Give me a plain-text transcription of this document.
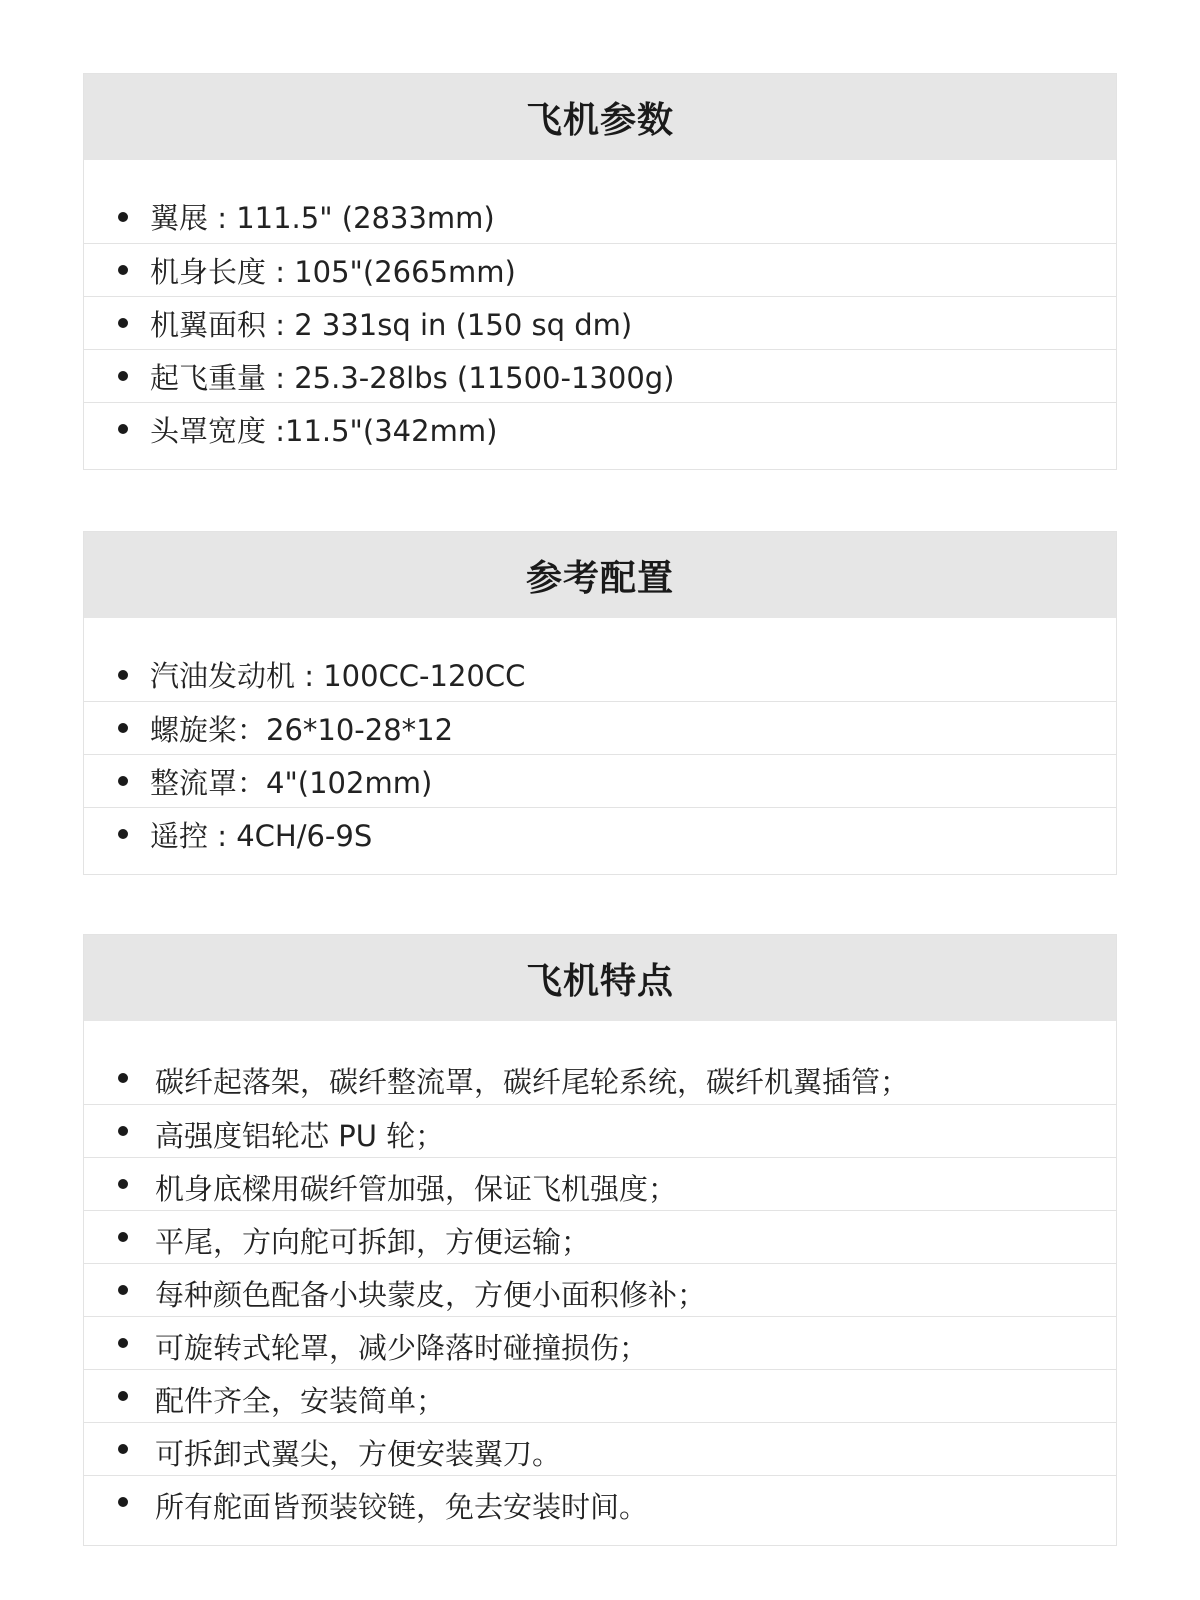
飞机参数
翼展 : 111.5" (2833mm)
机身长度 : 105"(2665mm)
机翼面积 : 2 331sq in (150 sq dm)
起飞重量 : 25.3-28lbs (11500-1300g)
头罩宽度 :11.5"(342mm)
参考配置
汽油发动机 : 100CC-120CC
螺旋桨：26*10-28*12
整流罩：4"(102mm)
遥控 : 4CH/6-9S
飞机特点
碳纤起落架，碳纤整流罩，碳纤尾轮系统，碳纤机翼插管；
高强度铝轮芯 PU 轮；
机身底樑用碳纤管加强，保证飞机强度；
平尾，方向舵可拆卸，方便运输；
每种颜色配备小块蒙皮，方便小面积修补；
可旋转式轮罩，减少降落时碰撞损伤；
配件齐全，安装简单；
可拆卸式翼尖，方便安装翼刀。
所有舵面皆预装铰链，免去安装时间。
